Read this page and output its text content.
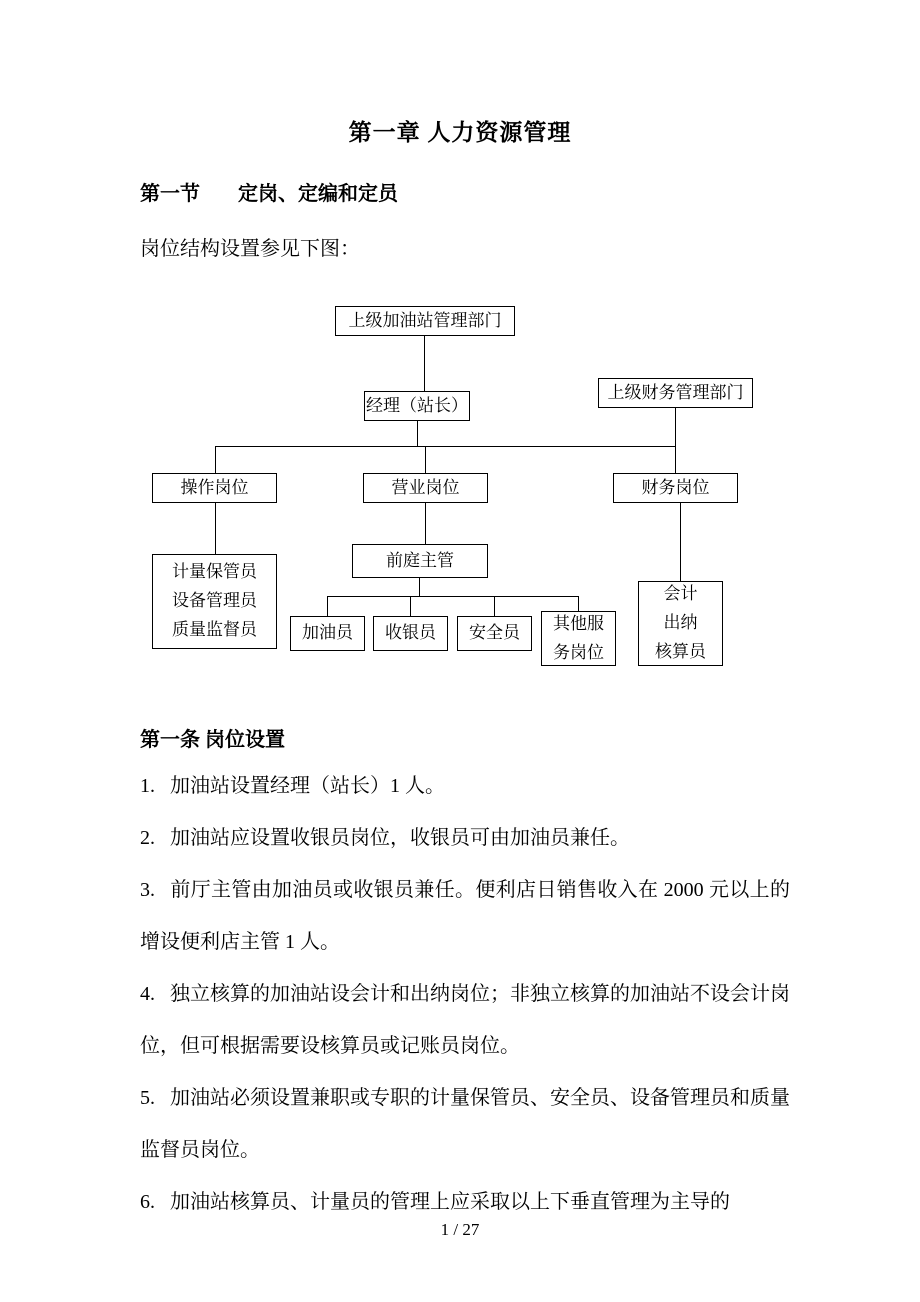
第一章 人力资源管理
第一节 定岗、定编和定员
岗位结构设置参见下图：
上级加油站管理部门
经理（站长）
上级财务管理部门
操作岗位	营业岗位	财务岗位
计量保管员
设备管理员
质量监督员
前庭主管
加油员	收银员	安全员	其他服
务岗位
会计
出纳
核算员
第一条 岗位设置

1. 加油站设置经理（站长）1 人。

2. 加油站应设置收银员岗位，收银员可由加油员兼任。

3. 前厅主管由加油员或收银员兼任。便利店日销售收入在 2000 元以上的增设便利店主管 1 人。

4. 独立核算的加油站设会计和出纳岗位；非独立核算的加油站不设会计岗位，但可根据需要设核算员或记账员岗位。

5. 加油站必须设置兼职或专职的计量保管员、安全员、设备管理员和质量监督员岗位。

6. 加油站核算员、计量员的管理上应采取以上下垂直管理为主导的

1 / 27
